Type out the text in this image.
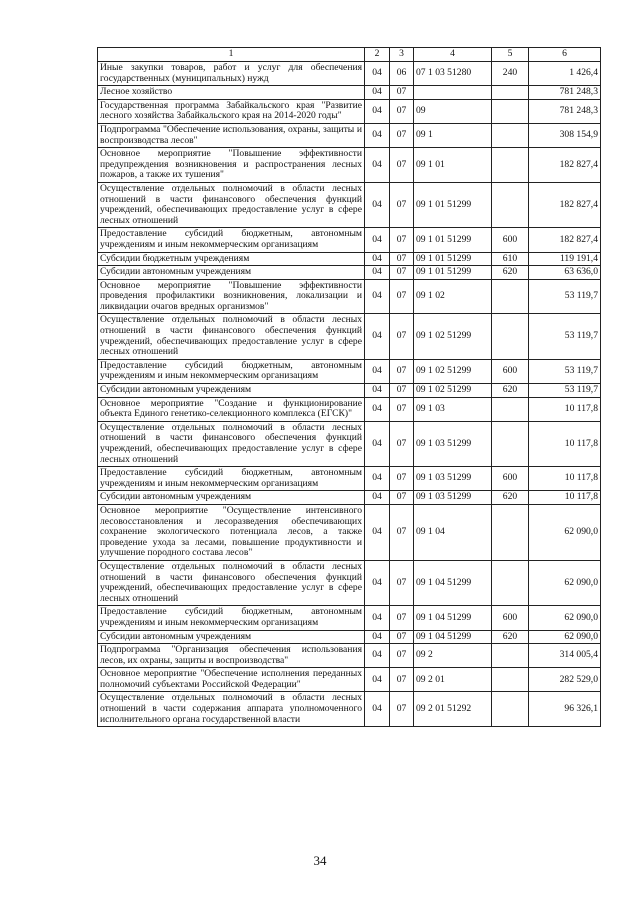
1	2	3	4	5	6
Иные закупки товаров, работ и услуг для обеспечения государственных (муниципальных) нужд	04	06	07 1 03 51280	240	1 426,4
Лесное хозяйство	04	07			781 248,3
Государственная программа Забайкальского края "Развитие лесного хозяйства Забайкальского края на 2014-2020 годы"	04	07	09		781 248,3
Подпрограмма "Обеспечение использования, охраны, защиты и воспроизводства лесов"	04	07	09 1		308 154,9
Основное мероприятие "Повышение эффективности предупреждения возникновения и распространения лесных пожаров, а также их тушения"	04	07	09 1 01		182 827,4
Осуществление отдельных полномочий в области лесных отношений в части финансового обеспечения функций учреждений, обеспечивающих предоставление услуг в сфере лесных отношений	04	07	09 1 01 51299		182 827,4
Предоставление субсидий бюджетным, автономным учреждениям и иным некоммерческим организациям	04	07	09 1 01 51299	600	182 827,4
Субсидии бюджетным учреждениям	04	07	09 1 01 51299	610	119 191,4
Субсидии автономным учреждениям	04	07	09 1 01 51299	620	63 636,0
Основное мероприятие "Повышение эффективности проведения профилактики возникновения, локализации и ликвидации очагов вредных организмов"	04	07	09 1 02		53 119,7
Осуществление отдельных полномочий в области лесных отношений в части финансового обеспечения функций учреждений, обеспечивающих предоставление услуг в сфере лесных отношений	04	07	09 1 02 51299		53 119,7
Предоставление субсидий бюджетным, автономным учреждениям и иным некоммерческим организациям	04	07	09 1 02 51299	600	53 119,7
Субсидии автономным учреждениям	04	07	09 1 02 51299	620	53 119,7
Основное мероприятие "Создание и функционирование объекта Единого генетико-селекционного комплекса (ЕГСК)"	04	07	09 1 03		10 117,8
Осуществление отдельных полномочий в области лесных отношений в части финансового обеспечения функций учреждений, обеспечивающих предоставление услуг в сфере лесных отношений	04	07	09 1 03 51299		10 117,8
Предоставление субсидий бюджетным, автономным учреждениям и иным некоммерческим организациям	04	07	09 1 03 51299	600	10 117,8
Субсидии автономным учреждениям	04	07	09 1 03 51299	620	10 117,8
Основное мероприятие "Осуществление интенсивного лесовосстановления и лесоразведения обеспечивающих сохранение экологического потенциала лесов, а также проведение ухода за лесами, повышение продуктивности и улучшение породного состава лесов"	04	07	09 1 04		62 090,0
Осуществление отдельных полномочий в области лесных отношений в части финансового обеспечения функций учреждений, обеспечивающих предоставление услуг в сфере лесных отношений	04	07	09 1 04 51299		62 090,0
Предоставление субсидий бюджетным, автономным учреждениям и иным некоммерческим организациям	04	07	09 1 04 51299	600	62 090,0
Субсидии автономным учреждениям	04	07	09 1 04 51299	620	62 090,0
Подпрограмма "Организация обеспечения использования лесов, их охраны, защиты и воспроизводства"	04	07	09 2		314 005,4
Основное мероприятие "Обеспечение исполнения переданных полномочий субъектами Российской Федерации"	04	07	09 2 01		282 529,0
Осуществление отдельных полномочий в области лесных отношений в части содержания аппарата уполномоченного исполнительного органа государственной власти	04	07	09 2 01 51292		96 326,1
34
